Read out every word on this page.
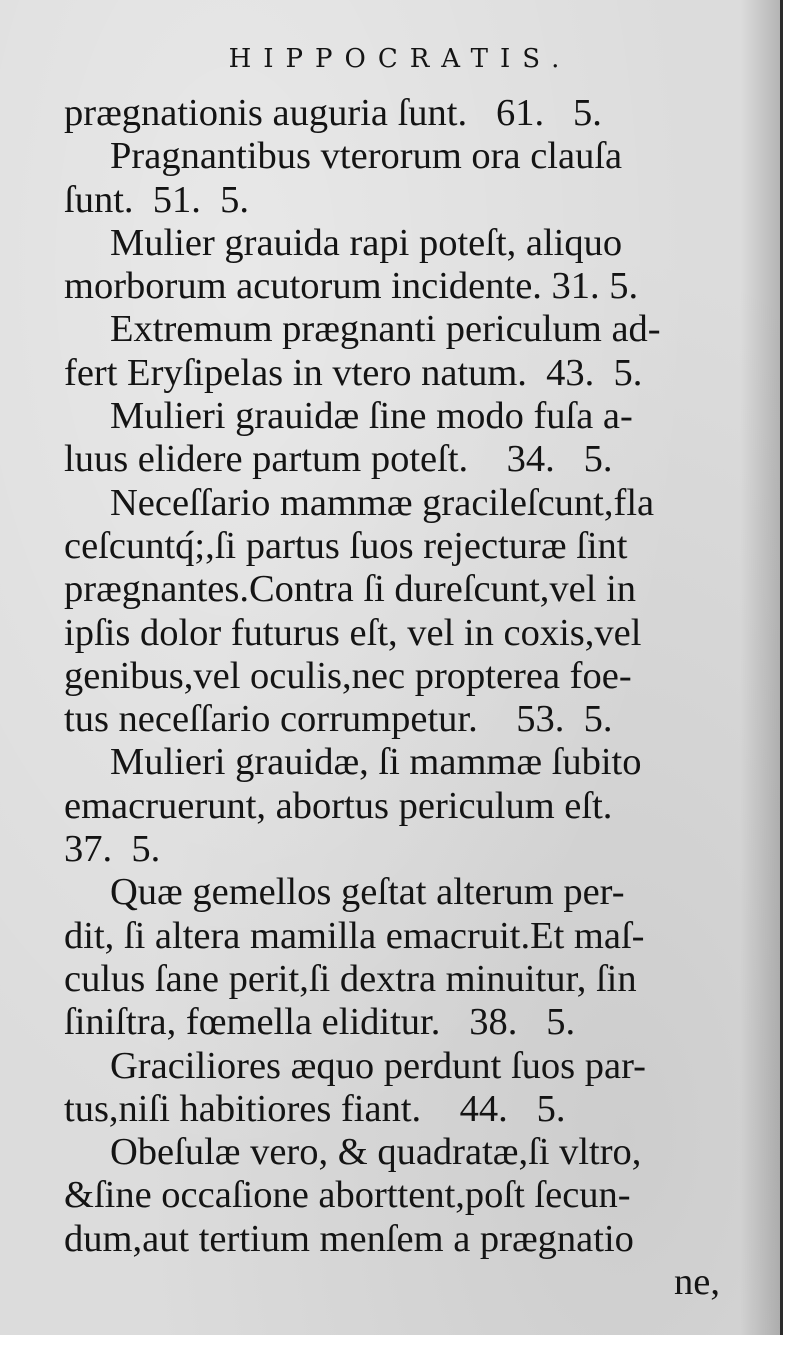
HIPPOCRATIS.
prægnationis auguria ſunt.   61.   5.
Pragnantibus vterorum ora clauſa
ſunt.  51.  5.
Mulier grauida rapi poteſt, aliquo
morborum acutorum incidente. 31. 5.
Extremum prægnanti periculum ad-
fert Eryſipelas in vtero natum.  43.  5.
Mulieri grauidæ ſine modo fuſa a-
luus elidere partum poteſt.    34.   5.
Neceſſario mammæ gracileſcunt,fla
ceſcuntq́;,ſi partus ſuos rejecturæ ſint
prægnantes.Contra ſi dureſcunt,vel in
ipſis dolor futurus eſt, vel in coxis,vel
genibus,vel oculis,nec propterea foe-
tus neceſſario corrumpetur.    53.  5.
Mulieri grauidæ, ſi mammæ ſubito
emacruerunt, abortus periculum eſt.
37.  5.
Quæ gemellos geſtat alterum per-
dit, ſi altera mamilla emacruit.Et maſ-
culus ſane perit,ſi dextra minuitur, ſin
ſiniſtra, fœmella eliditur.   38.   5.
Graciliores æquo perdunt ſuos par-
tus,niſi habitiores fiant.    44.   5.
Obeſulæ vero, & quadratæ,ſi vltro,
&ſine occaſione aborttent,poſt ſecun-
dum,aut tertium menſem a prægnatio
ne,
